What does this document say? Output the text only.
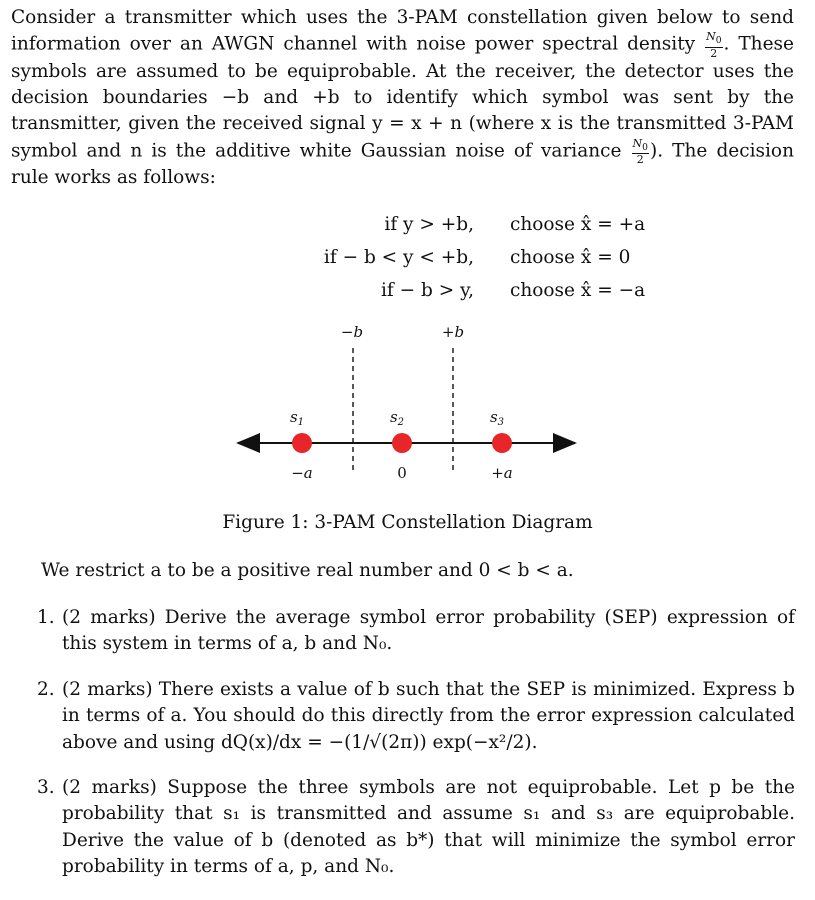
Consider a transmitter which uses the 3-PAM constellation given below to send information over an AWGN channel with noise power spectral density $\frac{N_0}{2}$ . These symbols are assumed to be equiprobable. At the receiver, the detector uses the decision boundaries −b and +b to identify which symbol was sent by the transmitter, given the received signal y = x + n (where x is the transmitted 3-PAM symbol and n is the additive white Gaussian noise of variance $\frac{N_0}{2}$ ). The decision rule works as follows:
if y > +b, choose x̂ = +a
if − b < y < +b, choose x̂ = 0
if − b > y, choose x̂ = −a
−b	+b
$s_1$
−a
$s_2$
0
$s_3$
+a
Figure 1: 3-PAM Constellation Diagram
We restrict a to be a positive real number and 0 < b < a.
1. (2 marks) Derive the average symbol error probability (SEP) expression of this system in terms of a, b and N₀.
2. (2 marks) There exists a value of b such that the SEP is minimized. Express b in terms of a. You should do this directly from the error expression calculated above and using dQ(x)/dx = −(1/√(2π)) exp(−x²/2).
3. (2 marks) Suppose the three symbols are not equiprobable. Let p be the probability that s₁ is transmitted and assume s₁ and s₃ are equiprobable. Derive the value of b (denoted as b*) that will minimize the symbol error probability in terms of a, p, and N₀.
